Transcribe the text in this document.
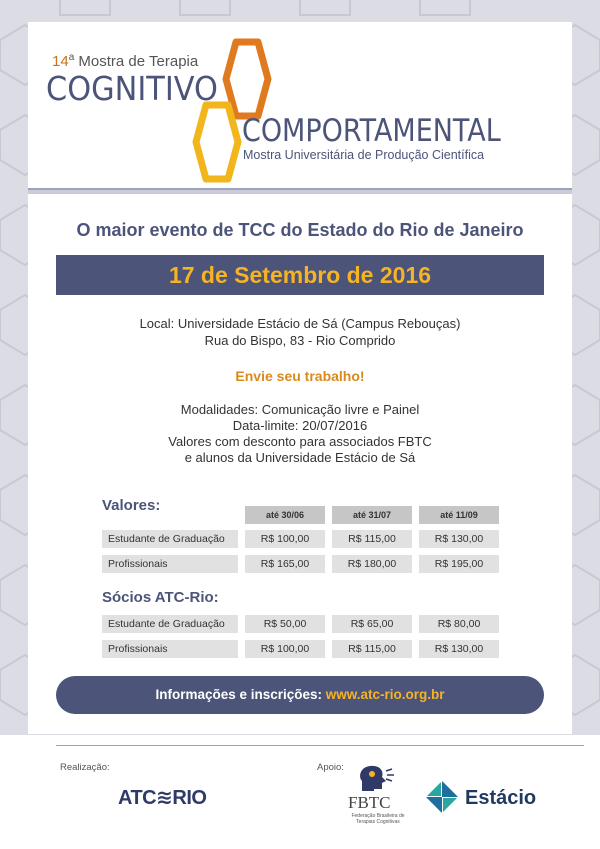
14$^a$ Mostra de Terapia
COGNITIVO
COMPORTAMENTAL
Mostra Universitária de Produção Científica
O maior evento de TCC do Estado do Rio de Janeiro
17 de Setembro de 2016
Local: Universidade Estácio de Sá (Campus Rebouças)
Rua do Bispo, 83 - Rio Comprido
Envie seu trabalho!
Modalidades: Comunicação livre e Painel
Data-limite: 20/07/2016
Valores com desconto para associados FBTC
e alunos da Universidade Estácio de Sá
Valores:
até 30/06	até 31/07	até 11/09
Estudante de Graduação	R$ 100,00	R$ 115,00	R$ 130,00
Profissionais	R$ 165,00	R$ 180,00	R$ 195,00
Sócios ATC-Rio:
Estudante de Graduação	R$ 50,00	R$ 65,00	R$ 80,00
Profissionais	R$ 100,00	R$ 115,00	R$ 130,00
Informações e inscrições: www.atc-rio.org.br
Realização:	Apoio:
ATC≋RIO	FBTC
Federação Brasileira de Terapias Cognitivas
Estácio
